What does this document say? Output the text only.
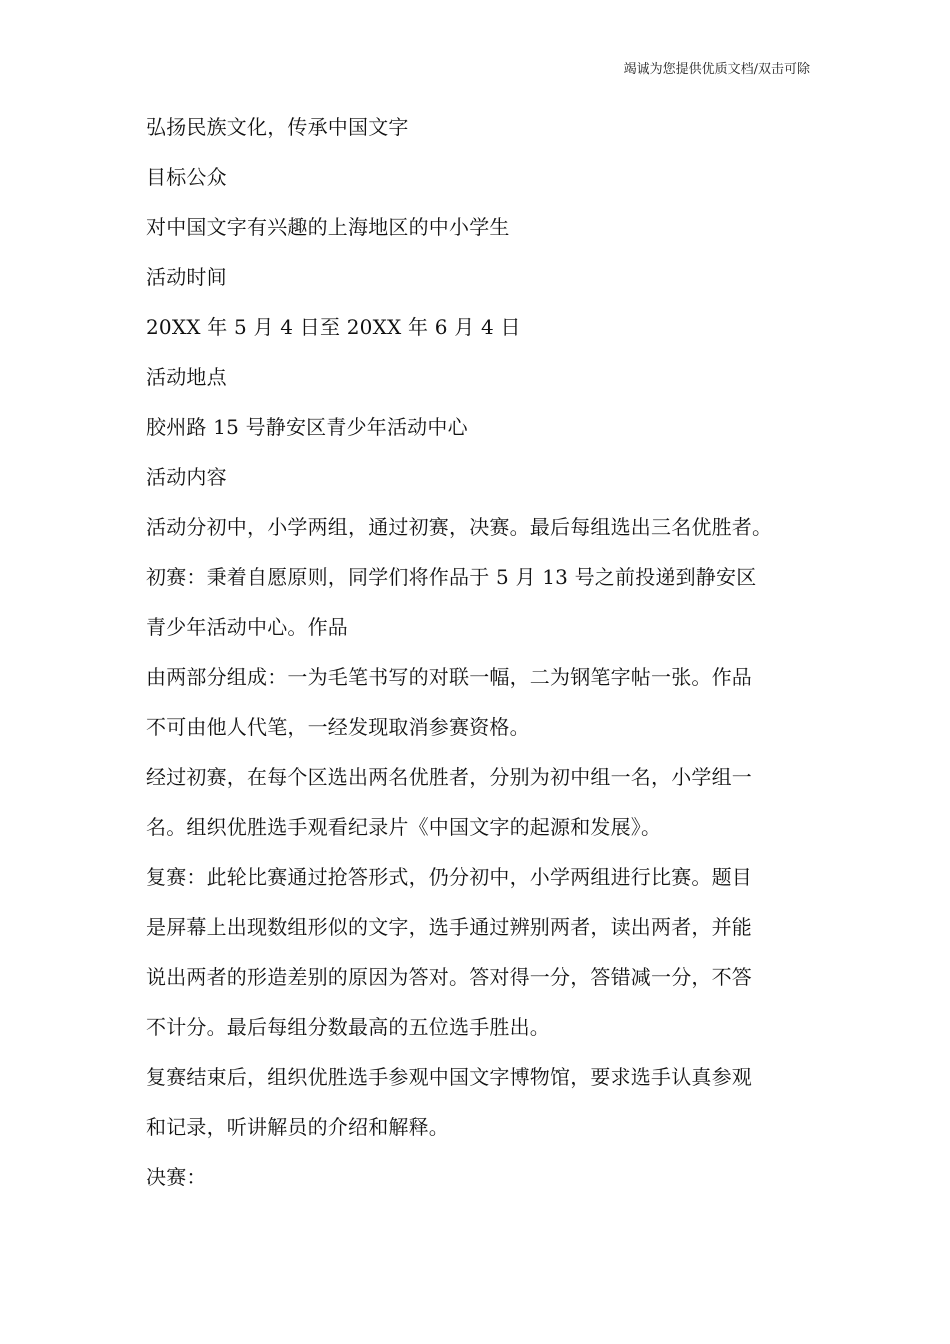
竭诚为您提供优质文档/双击可除
弘扬民族文化，传承中国文字
目标公众
对中国文字有兴趣的上海地区的中小学生
活动时间
20XX 年 5 月 4 日至 20XX 年 6 月 4 日
活动地点
胶州路 15 号静安区青少年活动中心
活动内容
活动分初中，小学两组，通过初赛，决赛。最后每组选出三名优胜者。
初赛：秉着自愿原则，同学们将作品于 5 月 13 号之前投递到静安区
青少年活动中心。作品
由两部分组成：一为毛笔书写的对联一幅，二为钢笔字帖一张。作品
不可由他人代笔，一经发现取消参赛资格。
经过初赛，在每个区选出两名优胜者，分别为初中组一名，小学组一
名。组织优胜选手观看纪录片《中国文字的起源和发展》。
复赛：此轮比赛通过抢答形式，仍分初中，小学两组进行比赛。题目
是屏幕上出现数组形似的文字，选手通过辨别两者，读出两者，并能
说出两者的形造差别的原因为答对。答对得一分，答错减一分，不答
不计分。最后每组分数最高的五位选手胜出。
复赛结束后，组织优胜选手参观中国文字博物馆，要求选手认真参观
和记录，听讲解员的介绍和解释。
决赛：
